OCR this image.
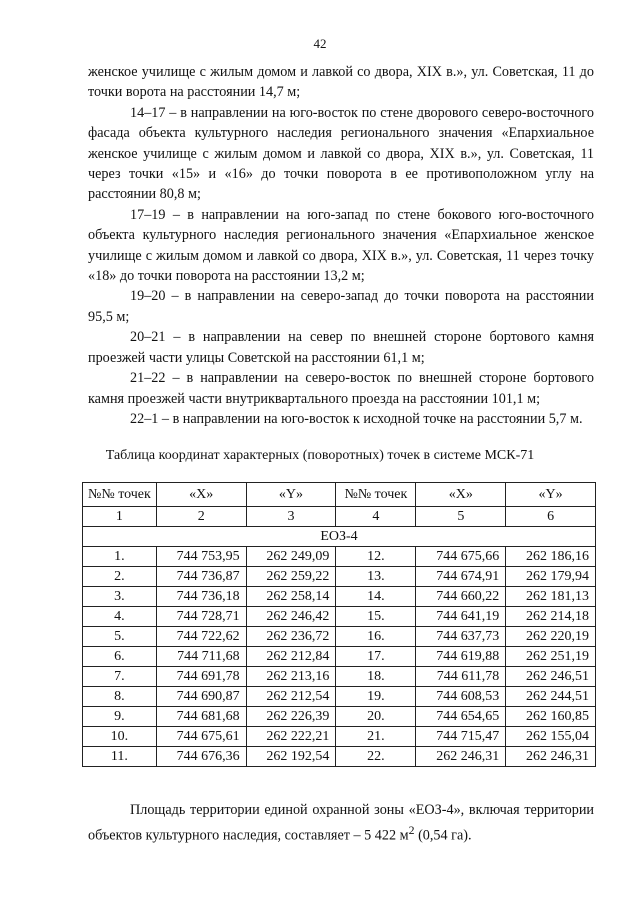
42

женское училище с жилым домом и лавкой со двора, XIX в.», ул. Советская, 11 до точки ворота на расстоянии 14,7 м;

14–17 – в направлении на юго-восток по стене дворового северо-восточного фасада объекта культурного наследия регионального значения «Епархиальное женское училище с жилым домом и лавкой со двора, XIX в.», ул. Советская, 11 через точки «15» и «16» до точки поворота в ее противоположном углу на расстоянии 80,8 м;

17–19 – в направлении на юго-запад по стене бокового юго-восточного объекта культурного наследия регионального значения «Епархиальное женское училище с жилым домом и лавкой со двора, XIX в.», ул. Советская, 11 через точку «18» до точки поворота на расстоянии 13,2 м;

19–20 – в направлении на северо-запад до точки поворота на расстоянии 95,5 м;

20–21 – в направлении на север по внешней стороне бортового камня проезжей части улицы Советской на расстоянии 61,1 м;

21–22 – в направлении на северо-восток по внешней стороне бортового камня проезжей части внутриквартального проезда на расстоянии 101,1 м;

22–1 – в направлении на юго-восток к исходной точке на расстоянии 5,7 м.

Таблица координат характерных (поворотных) точек в системе МСК-71
№№ точек	«X»	«Y»	№№ точек	«X»	«Y»
1	2	3	4	5	6
ЕОЗ-4					
1.	744 753,95	262 249,09	12.	744 675,66	262 186,16
2.	744 736,87	262 259,22	13.	744 674,91	262 179,94
3.	744 736,18	262 258,14	14.	744 660,22	262 181,13
4.	744 728,71	262 246,42	15.	744 641,19	262 214,18
5.	744 722,62	262 236,72	16.	744 637,73	262 220,19
6.	744 711,68	262 212,84	17.	744 619,88	262 251,19
7.	744 691,78	262 213,16	18.	744 611,78	262 246,51
8.	744 690,87	262 212,54	19.	744 608,53	262 244,51
9.	744 681,68	262 226,39	20.	744 654,65	262 160,85
10.	744 675,61	262 222,21	21.	744 715,47	262 155,04
11.	744 676,36	262 192,54	22.	262 246,31	262 246,31

Площадь территории единой охранной зоны «ЕОЗ-4», включая территории объектов культурного наследия, составляет – 5 422 $м^2$ (0,54 га).
